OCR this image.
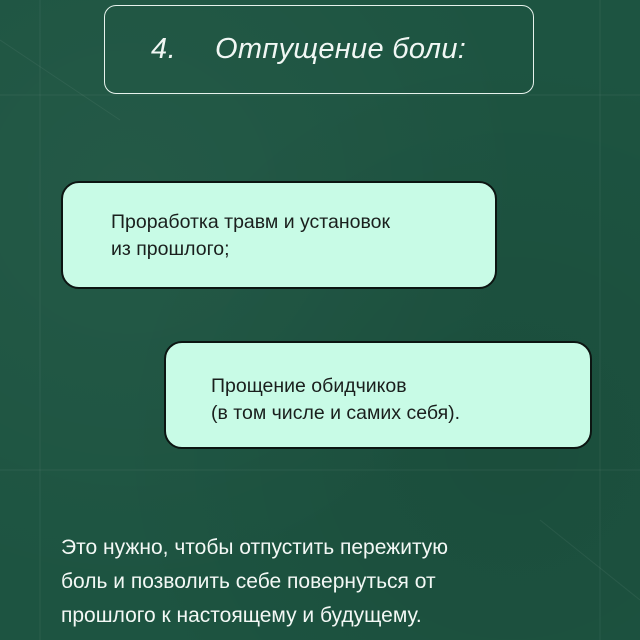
4. Отпущение боли:
Проработка травм и установок
из прошлого;
Прощение обидчиков
(в том числе и самих себя).
Это нужно, чтобы отпустить пережитую
боль и позволить себе повернуться от
прошлого к настоящему и будущему.
